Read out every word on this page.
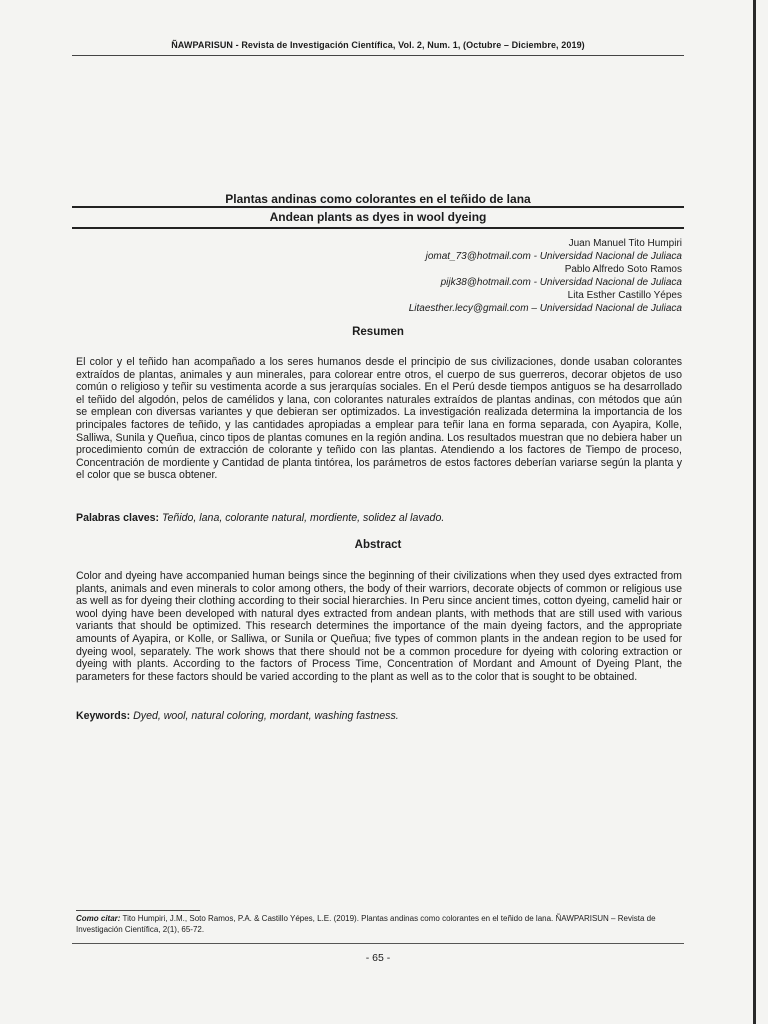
ÑAWPARISUN - Revista de Investigación Científica, Vol. 2, Num. 1, (Octubre – Diciembre, 2019)
Plantas andinas como colorantes en el teñido de lana
Andean plants as dyes in wool dyeing
Juan Manuel Tito Humpiri
jomat_73@hotmail.com - Universidad Nacional de Juliaca
Pablo Alfredo Soto Ramos
pijk38@hotmail.com - Universidad Nacional de Juliaca
Lita Esther Castillo Yépes
Litaesther.lecy@gmail.com – Universidad Nacional de Juliaca
Resumen
El color y el teñido han acompañado a los seres humanos desde el principio de sus civilizaciones, donde usaban colorantes extraídos de plantas, animales y aun minerales, para colorear entre otros, el cuerpo de sus guerreros, decorar objetos de uso común o religioso y teñir su vestimenta acorde a sus jerarquías sociales. En el Perú desde tiempos antiguos se ha desarrollado el teñido del algodón, pelos de camélidos y lana, con colorantes naturales extraídos de plantas andinas, con métodos que aún se emplean con diversas variantes y que debieran ser optimizados. La investigación realizada determina la importancia de los principales factores de teñido, y las cantidades apropiadas a emplear para teñir lana en forma separada, con Ayapira, Kolle, Salliwa, Sunila y Queñua, cinco tipos de plantas comunes en la región andina. Los resultados muestran que no debiera haber un procedimiento común de extracción de colorante y teñido con las plantas. Atendiendo a los factores de Tiempo de proceso, Concentración de mordiente y Cantidad de planta tintórea, los parámetros de estos factores deberían variarse según la planta y el color que se busca obtener.
Palabras claves: Teñido, lana, colorante natural, mordiente, solidez al lavado.
Abstract
Color and dyeing have accompanied human beings since the beginning of their civilizations when they used dyes extracted from plants, animals and even minerals to color among others, the body of their warriors, decorate objects of common or religious use as well as for dyeing their clothing according to their social hierarchies. In Peru since ancient times, cotton dyeing, camelid hair or wool dying have been developed with natural dyes extracted from andean plants, with methods that are still used with various variants that should be optimized. This research determines the importance of the main dyeing factors, and the appropriate amounts of Ayapira, or Kolle, or Salliwa, or Sunila or Queñua; five types of common plants in the andean region to be used for dyeing wool, separately. The work shows that there should not be a common procedure for dyeing with coloring extraction or dyeing with plants. According to the factors of Process Time, Concentration of Mordant and Amount of Dyeing Plant, the parameters for these factors should be varied according to the plant as well as to the color that is sought to be obtained.
Keywords: Dyed, wool, natural coloring, mordant, washing fastness.
Como citar: Tito Humpiri, J.M., Soto Ramos, P.A. & Castillo Yépes, L.E. (2019). Plantas andinas como colorantes en el teñido de lana. ÑAWPARISUN – Revista de Investigación Científica, 2(1), 65-72.
- 65 -
